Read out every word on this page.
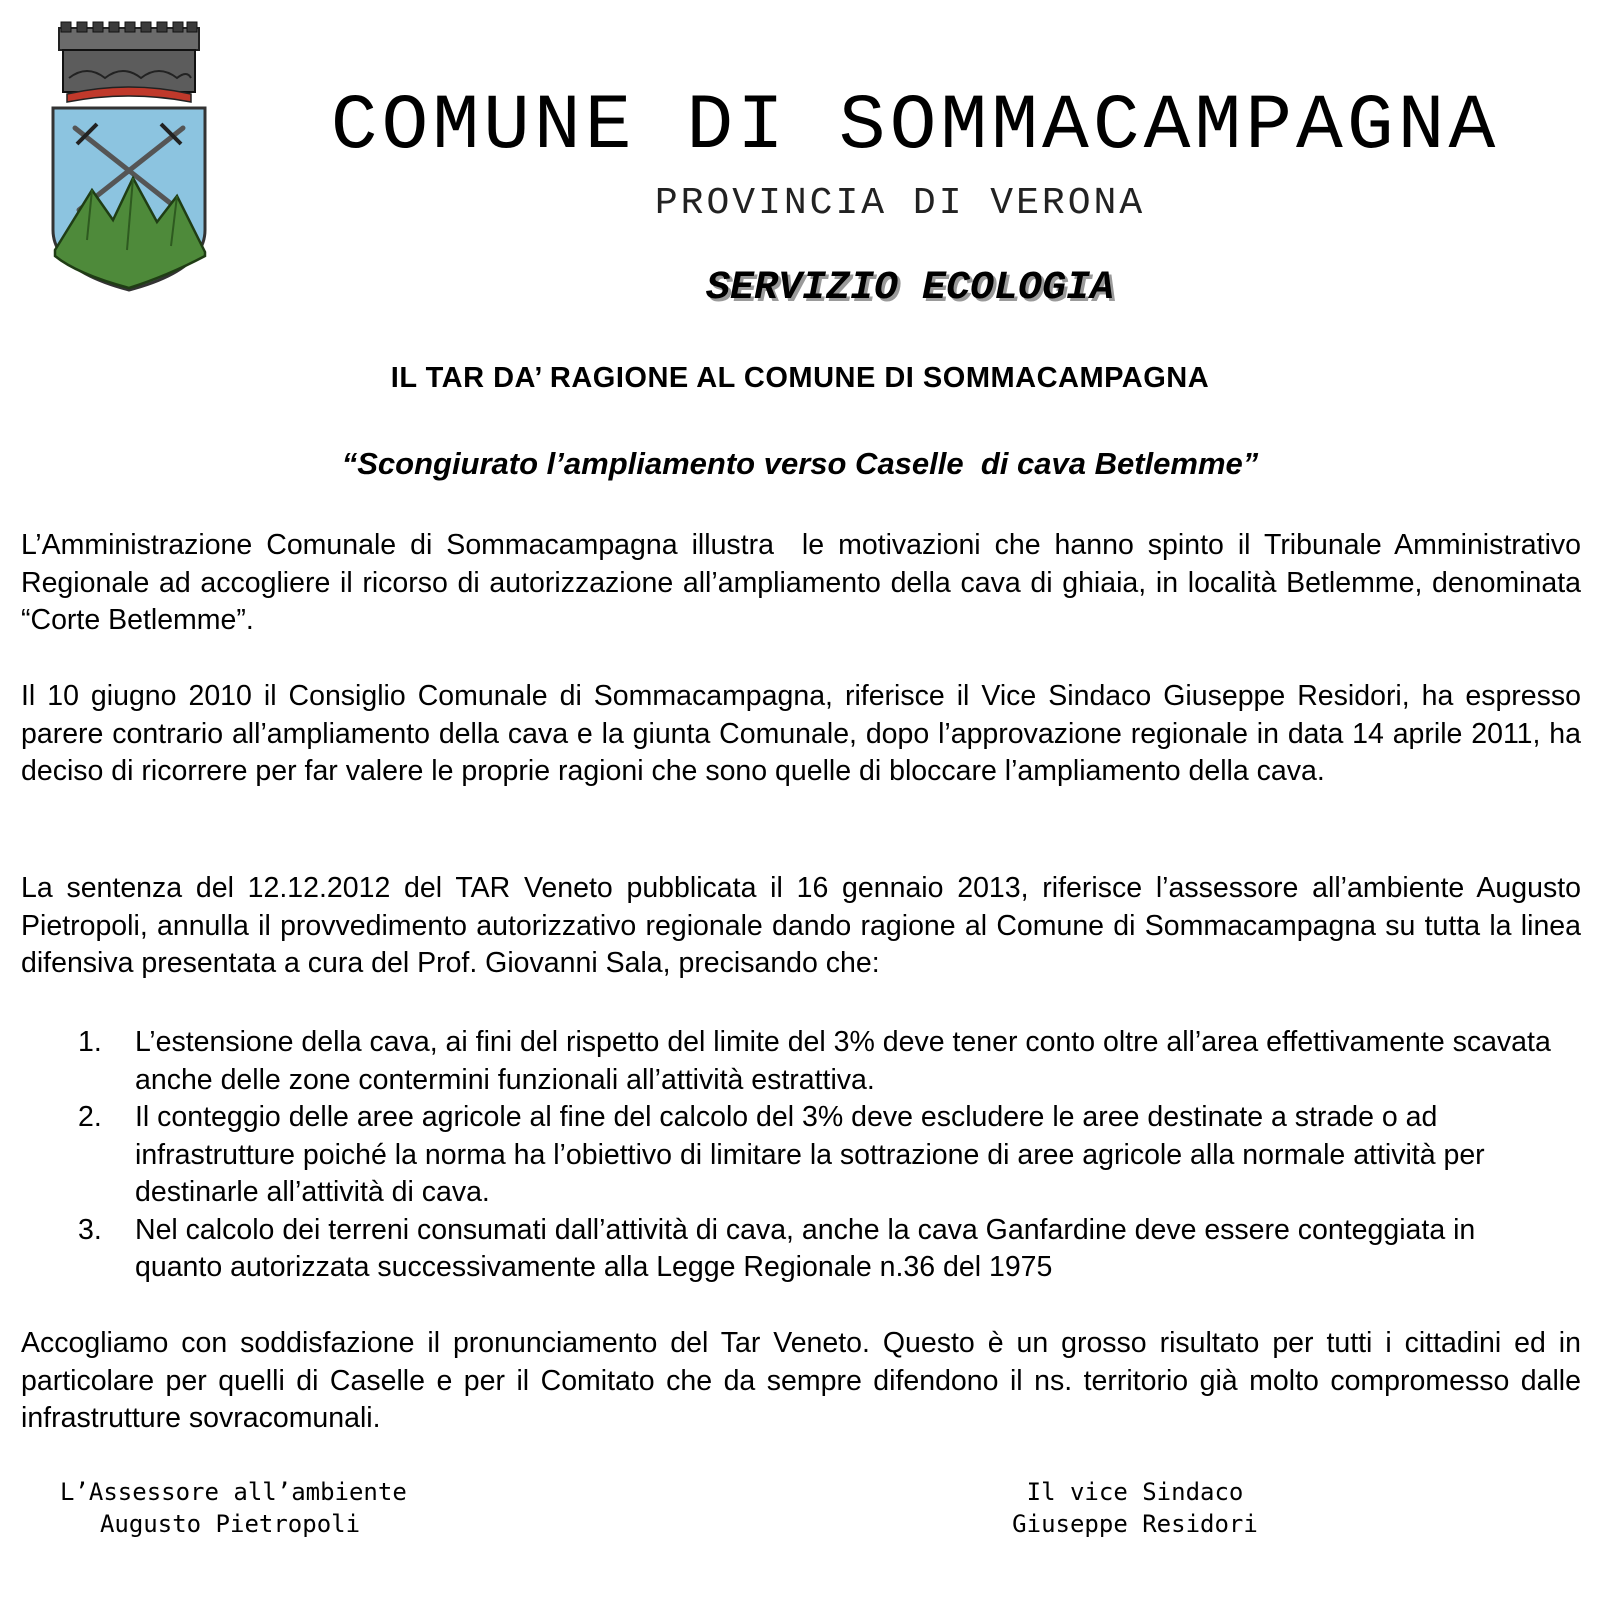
COMUNE DI SOMMACAMPAGNA
PROVINCIA DI VERONA
SERVIZIO ECOLOGIA
IL TAR DA’ RAGIONE AL COMUNE DI SOMMACAMPAGNA
“Scongiurato l’ampliamento verso Caselle  di cava Betlemme”

L’Amministrazione Comunale di Sommacampagna illustra  le motivazioni che hanno spinto il Tribunale Amministrativo Regionale ad accogliere il ricorso di autorizzazione all’ampliamento della cava di ghiaia, in località Betlemme, denominata “Corte Betlemme”.

Il 10 giugno 2010 il Consiglio Comunale di Sommacampagna, riferisce il Vice Sindaco Giuseppe Residori, ha espresso parere contrario all’ampliamento della cava e la giunta Comunale, dopo l’approvazione regionale in data 14 aprile 2011, ha deciso di ricorrere per far valere le proprie ragioni che sono quelle di bloccare l’ampliamento della cava.

La sentenza del 12.12.2012 del TAR Veneto pubblicata il 16 gennaio 2013, riferisce l’assessore all’ambiente Augusto Pietropoli, annulla il provvedimento autorizzativo regionale dando ragione al Comune di Sommacampagna su tutta la linea difensiva presentata a cura del Prof. Giovanni Sala, precisando che:

1. L’estensione della cava, ai fini del rispetto del limite del 3% deve tener conto oltre all’area effettivamente scavata anche delle zone contermini funzionali all’attività estrattiva.
2. Il conteggio delle aree agricole al fine del calcolo del 3% deve escludere le aree destinate a strade o ad infrastrutture poiché la norma ha l’obiettivo di limitare la sottrazione di aree agricole alla normale attività per destinarle all’attività di cava.
3. Nel calcolo dei terreni consumati dall’attività di cava, anche la cava Ganfardine deve essere conteggiata in quanto autorizzata successivamente alla Legge Regionale n.36 del 1975

Accogliamo con soddisfazione il pronunciamento del Tar Veneto. Questo è un grosso risultato per tutti i cittadini ed in particolare per quelli di Caselle e per il Comitato che da sempre difendono il ns. territorio già molto compromesso dalle infrastrutture sovracomunali.

L’Assessore all’ambiente
Augusto Pietropoli
Il vice Sindaco
Giuseppe Residori
